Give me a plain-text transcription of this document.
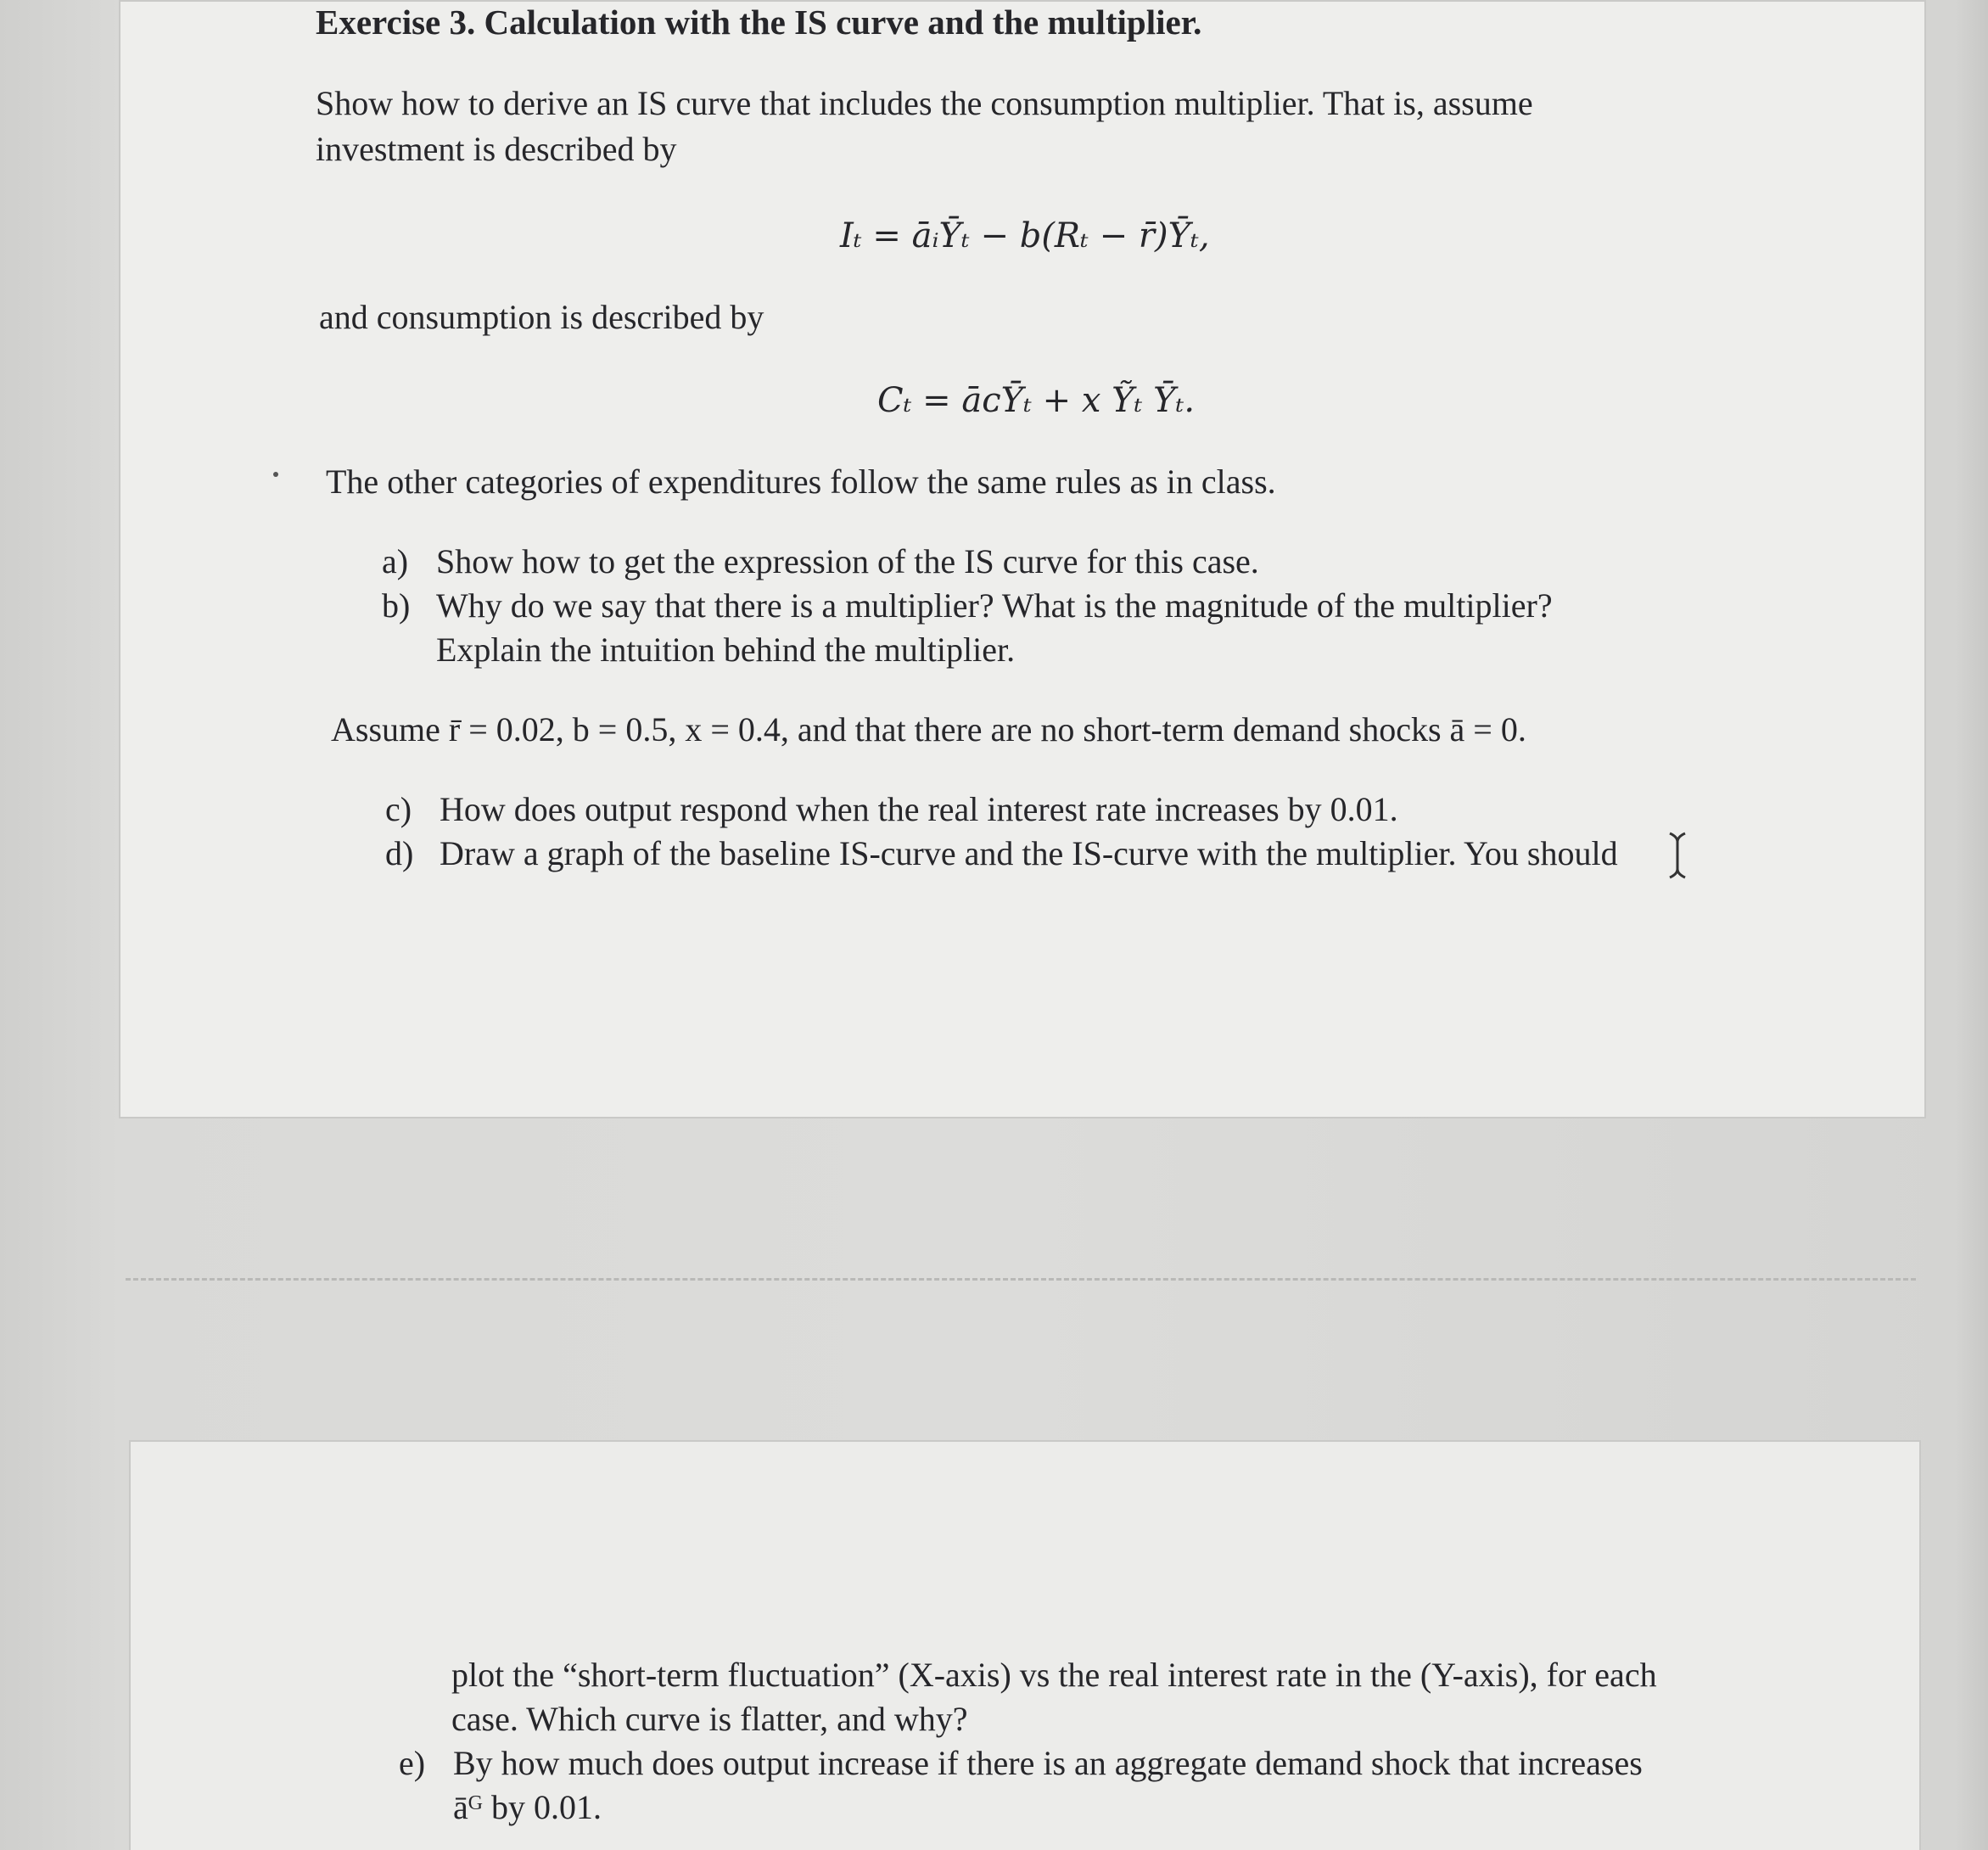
Exercise 3. Calculation with the IS curve and the multiplier.
Show how to derive an IS curve that includes the consumption multiplier. That is, assume
investment is described by
Iₜ = āᵢȲₜ − b(Rₜ − r̄)Ȳₜ,
and consumption is described by
Cₜ = āᴄȲₜ + x Ỹₜ Ȳₜ.
The other categories of expenditures follow the same rules as in class.
a) Show how to get the expression of the IS curve for this case.
b) Why do we say that there is a multiplier? What is the magnitude of the multiplier?
Explain the intuition behind the multiplier.
Assume r̄ = 0.02, b = 0.5, x = 0.4, and that there are no short-term demand shocks ā = 0.
c) How does output respond when the real interest rate increases by 0.01.
d) Draw a graph of the baseline IS-curve and the IS-curve with the multiplier. You should
plot the “short-term fluctuation” (X-axis) vs the real interest rate in the (Y-axis), for each
case. Which curve is flatter, and why?
e) By how much does output increase if there is an aggregate demand shock that increases
āᴳ by 0.01.
